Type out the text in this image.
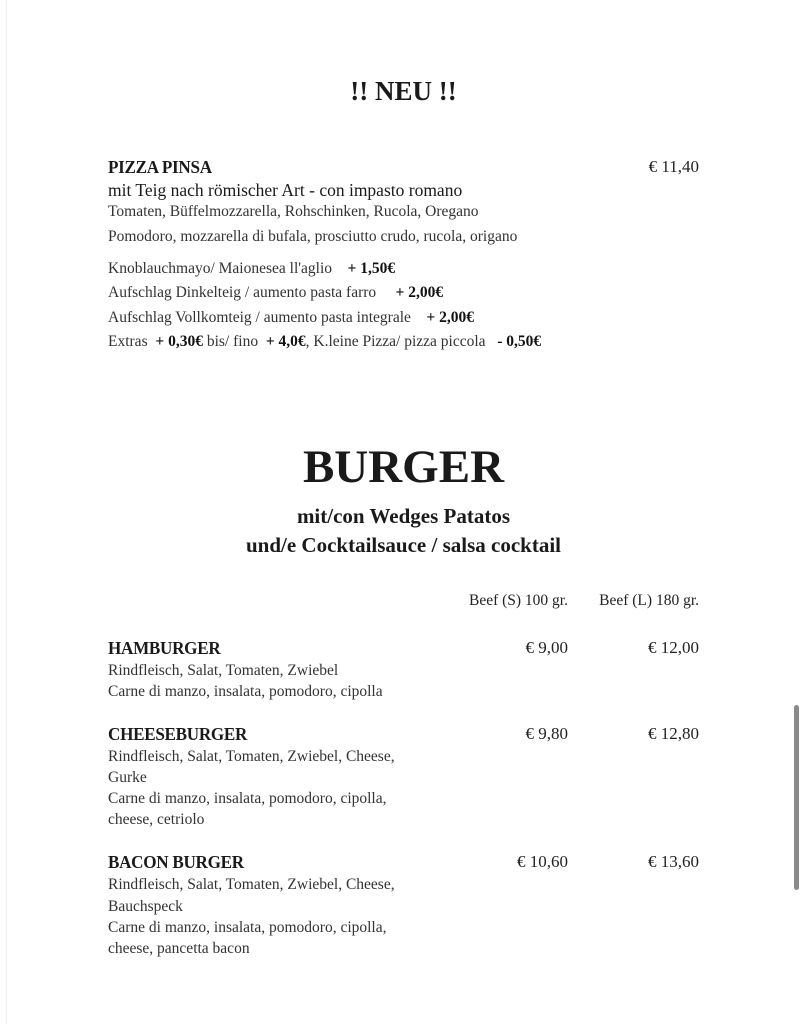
!! NEU !!
PIZZA PINSA	€ 11,40
mit Teig nach römischer Art - con impasto romano
Tomaten, Büffelmozzarella, Rohschinken, Rucola, Oregano
Pomodoro, mozzarella di bufala, prosciutto crudo, rucola, origano
Knoblauchmayo/ Maionesea ll'aglio + 1,50€
Aufschlag Dinkelteig / aumento pasta farro + 2,00€
Aufschlag Vollkomteig / aumento pasta integrale + 2,00€
Extras + 0,30€ bis/ fino + 4,0€, K.leine Pizza/ pizza piccola - 0,50€
BURGER
mit/con Wedges Patatos
und/e Cocktailsauce / salsa cocktail
Beef (S) 100 gr. Beef (L) 180 gr.
HAMBURGER	€ 9,00	€ 12,00
Rindfleisch, Salat, Tomaten, Zwiebel
Carne di manzo, insalata, pomodoro, cipolla
CHEESEBURGER	€ 9,80	€ 12,80
Rindfleisch, Salat, Tomaten, Zwiebel, Cheese,
Gurke
Carne di manzo, insalata, pomodoro, cipolla,
cheese, cetriolo
BACON BURGER	€ 10,60	€ 13,60
Rindfleisch, Salat, Tomaten, Zwiebel, Cheese,
Bauchspeck
Carne di manzo, insalata, pomodoro, cipolla,
cheese, pancetta bacon
